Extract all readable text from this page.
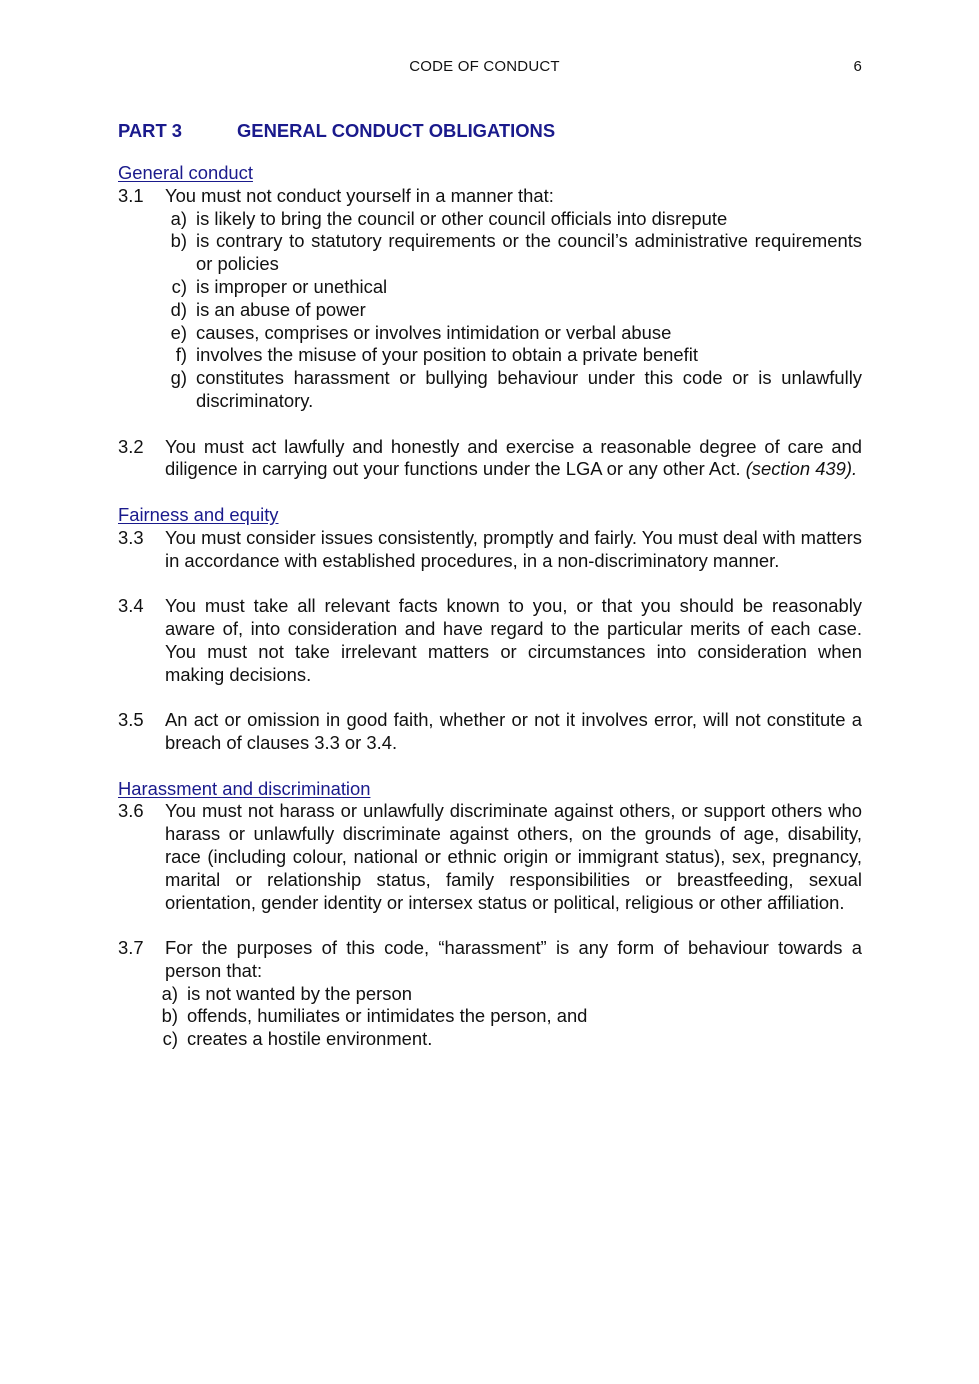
CODE OF CONDUCT	6
PART 3	GENERAL CONDUCT OBLIGATIONS
General conduct
3.1	You must not conduct yourself in a manner that:
a) is likely to bring the council or other council officials into disrepute
b) is contrary to statutory requirements or the council’s administrative requirements or policies
c) is improper or unethical
d) is an abuse of power
e) causes, comprises or involves intimidation or verbal abuse
f) involves the misuse of your position to obtain a private benefit
g) constitutes harassment or bullying behaviour under this code or is unlawfully discriminatory.
3.2	You must act lawfully and honestly and exercise a reasonable degree of care and diligence in carrying out your functions under the LGA or any other Act. (section 439).
Fairness and equity
3.3	You must consider issues consistently, promptly and fairly. You must deal with matters in accordance with established procedures, in a non-discriminatory manner.
3.4	You must take all relevant facts known to you, or that you should be reasonably aware of, into consideration and have regard to the particular merits of each case. You must not take irrelevant matters or circumstances into consideration when making decisions.
3.5	An act or omission in good faith, whether or not it involves error, will not constitute a breach of clauses 3.3 or 3.4.
Harassment and discrimination
3.6	You must not harass or unlawfully discriminate against others, or support others who harass or unlawfully discriminate against others, on the grounds of age, disability, race (including colour, national or ethnic origin or immigrant status), sex, pregnancy, marital or relationship status, family responsibilities or breastfeeding, sexual orientation, gender identity or intersex status or political, religious or other affiliation.
3.7	For the purposes of this code, “harassment” is any form of behaviour towards a person that:
a) is not wanted by the person
b) offends, humiliates or intimidates the person, and
c) creates a hostile environment.
